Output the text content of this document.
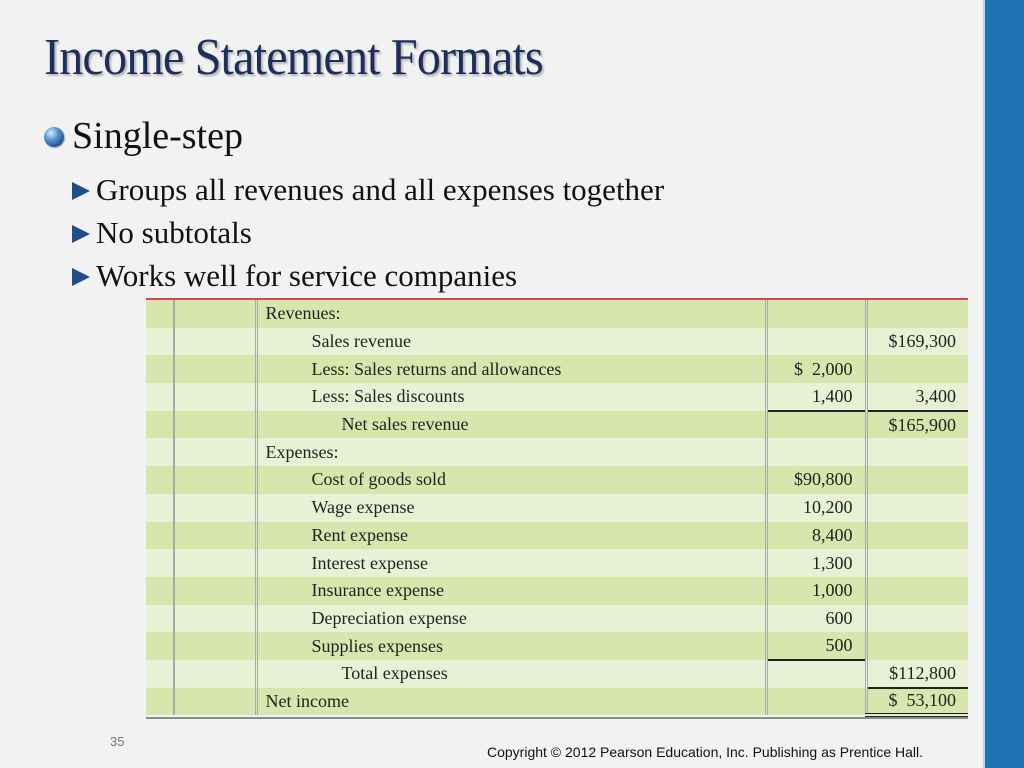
Income Statement Formats
Single-step
Groups all revenues and all expenses together
No subtotals
Works well for service companies
		Revenues:		
		Sales revenue		$169,300
		Less: Sales returns and allowances	$  2,000	
		Less: Sales discounts	1,400	3,400
		Net sales revenue		$165,900
		Expenses:		
		Cost of goods sold	$90,800	
		Wage expense	10,200	
		Rent expense	8,400	
		Interest expense	1,300	
		Insurance expense	1,000	
		Depreciation expense	600	
		Supplies expenses	500	
		Total expenses		$112,800
		Net income		$  53,100
35
Copyright © 2012 Pearson Education, Inc. Publishing as Prentice Hall.
